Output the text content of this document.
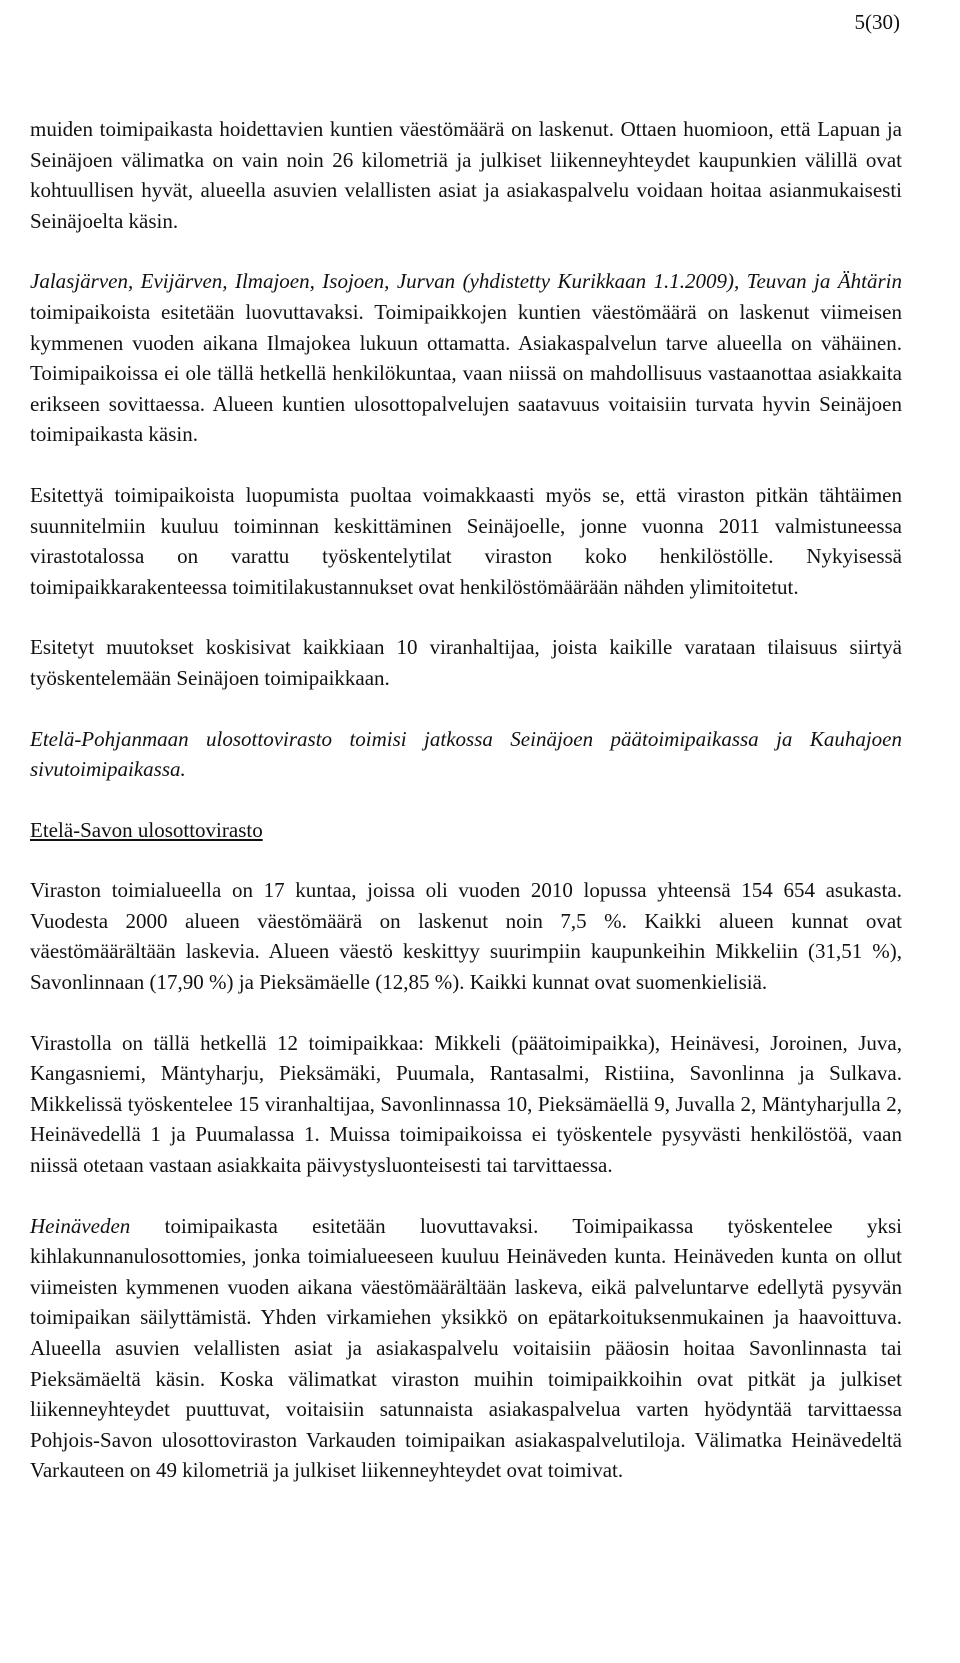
5(30)

muiden toimipaikasta hoidettavien kuntien väestömäärä on laskenut. Ottaen huomioon, että Lapuan ja Seinäjoen välimatka on vain noin 26 kilometriä ja julkiset liikenneyhteydet kaupunkien välillä ovat kohtuullisen hyvät, alueella asuvien velallisten asiat ja asiakaspalvelu voidaan hoitaa asianmukaisesti Seinäjoelta käsin.

Jalasjärven, Evijärven, Ilmajoen, Isojoen, Jurvan (yhdistetty Kurikkaan 1.1.2009), Teuvan ja Ähtärin toimipaikoista esitetään luovuttavaksi. Toimipaikkojen kuntien väestömäärä on laskenut viimeisen kymmenen vuoden aikana Ilmajokea lukuun ottamatta. Asiakaspalvelun tarve alueella on vähäinen. Toimipaikoissa ei ole tällä hetkellä henkilökuntaa, vaan niissä on mahdollisuus vastaanottaa asiakkaita erikseen sovittaessa. Alueen kuntien ulosottopalvelujen saatavuus voitaisiin turvata hyvin Seinäjoen toimipaikasta käsin.

Esitettyä toimipaikoista luopumista puoltaa voimakkaasti myös se, että viraston pitkän tähtäimen suunnitelmiin kuuluu toiminnan keskittäminen Seinäjoelle, jonne vuonna 2011 valmistuneessa virastotalossa on varattu työskentelytilat viraston koko henkilöstölle. Nykyisessä toimipaikkarakenteessa toimitilakustannukset ovat henkilöstömäärään nähden ylimitoitetut.

Esitetyt muutokset koskisivat kaikkiaan 10 viranhaltijaa, joista kaikille varataan tilaisuus siirtyä työskentelemään Seinäjoen toimipaikkaan.

Etelä-Pohjanmaan ulosottovirasto toimisi jatkossa Seinäjoen päätoimipaikassa ja Kauhajoen sivutoimipaikassa.

Etelä-Savon ulosottovirasto

Viraston toimialueella on 17 kuntaa, joissa oli vuoden 2010 lopussa yhteensä 154 654 asukasta. Vuodesta 2000 alueen väestömäärä on laskenut noin 7,5 %. Kaikki alueen kunnat ovat väestömäärältään laskevia. Alueen väestö keskittyy suurimpiin kaupunkeihin Mikkeliin (31,51 %), Savonlinnaan (17,90 %) ja Pieksämäelle (12,85 %). Kaikki kunnat ovat suomenkielisiä.

Virastolla on tällä hetkellä 12 toimipaikkaa: Mikkeli (päätoimipaikka), Heinävesi, Joroinen, Juva, Kangasniemi, Mäntyharju, Pieksämäki, Puumala, Rantasalmi, Ristiina, Savonlinna ja Sulkava. Mikkelissä työskentelee 15 viranhaltijaa, Savonlinnassa 10, Pieksämäellä 9, Juvalla 2, Mäntyharjulla 2, Heinävedellä 1 ja Puumalassa 1. Muissa toimipaikoissa ei työskentele pysyvästi henkilöstöä, vaan niissä otetaan vastaan asiakkaita päivystysluonteisesti tai tarvittaessa.

Heinäveden toimipaikasta esitetään luovuttavaksi. Toimipaikassa työskentelee yksi kihlakunnanulosottomies, jonka toimialueeseen kuuluu Heinäveden kunta. Heinäveden kunta on ollut viimeisten kymmenen vuoden aikana väestömäärältään laskeva, eikä palveluntarve edellytä pysyvän toimipaikan säilyttämistä. Yhden virkamiehen yksikkö on epätarkoituksenmukainen ja haavoittuva. Alueella asuvien velallisten asiat ja asiakaspalvelu voitaisiin pääosin hoitaa Savonlinnasta tai Pieksämäeltä käsin. Koska välimatkat viraston muihin toimipaikkoihin ovat pitkät ja julkiset liikenneyhteydet puuttuvat, voitaisiin satunnaista asiakaspalvelua varten hyödyntää tarvittaessa Pohjois-Savon ulosottoviraston Varkauden toimipaikan asiakaspalvelutiloja. Välimatka Heinävedeltä Varkauteen on 49 kilometriä ja julkiset liikenneyhteydet ovat toimivat.
